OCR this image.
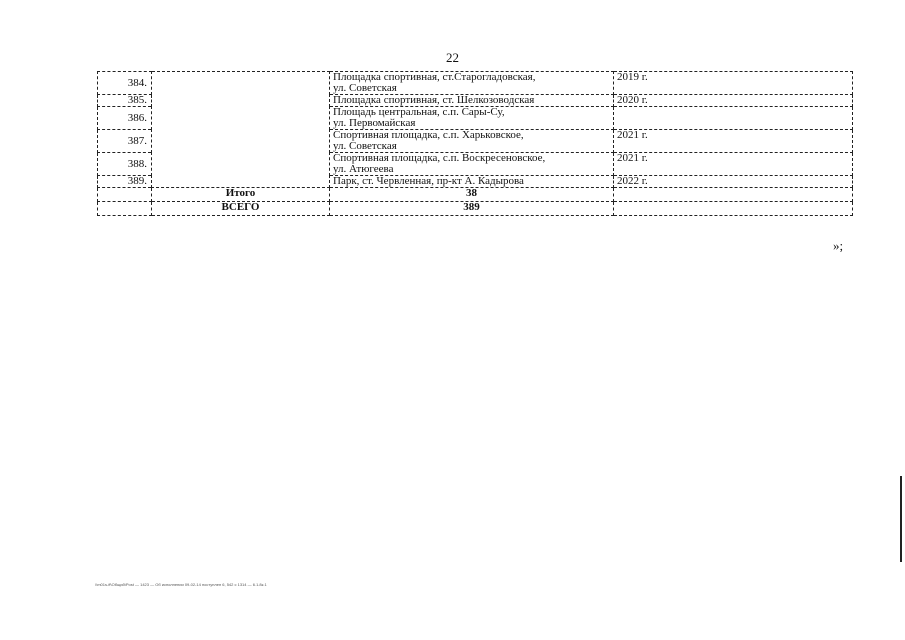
22
384.		Площадка спортивная, ст.Старогладовская,
ул. Советская	2019 г.
385.		Площадка спортивная, ст. Шелкозоводская	2020 г.
386.		Площадь центральная, с.п. Сары-Су,
ул. Первомайская	
387.		Спортивная площадка, с.п. Харьковское,
ул. Советская	2021 г.
388.		Спортивная площадка, с.п. Воскресеновское,
ул. Атюгеева	2021 г.
389.		Парк, ст. Червленная, пр-кт А. Кадырова	2022 г.
	Итого	38	
	ВСЕГО	389	
»;
\\m01s-ff\Общий\Post — 1423 — Об исполнении 09-02-14 поступлен 6, 542 с 1314 — 6.1.8к.1
